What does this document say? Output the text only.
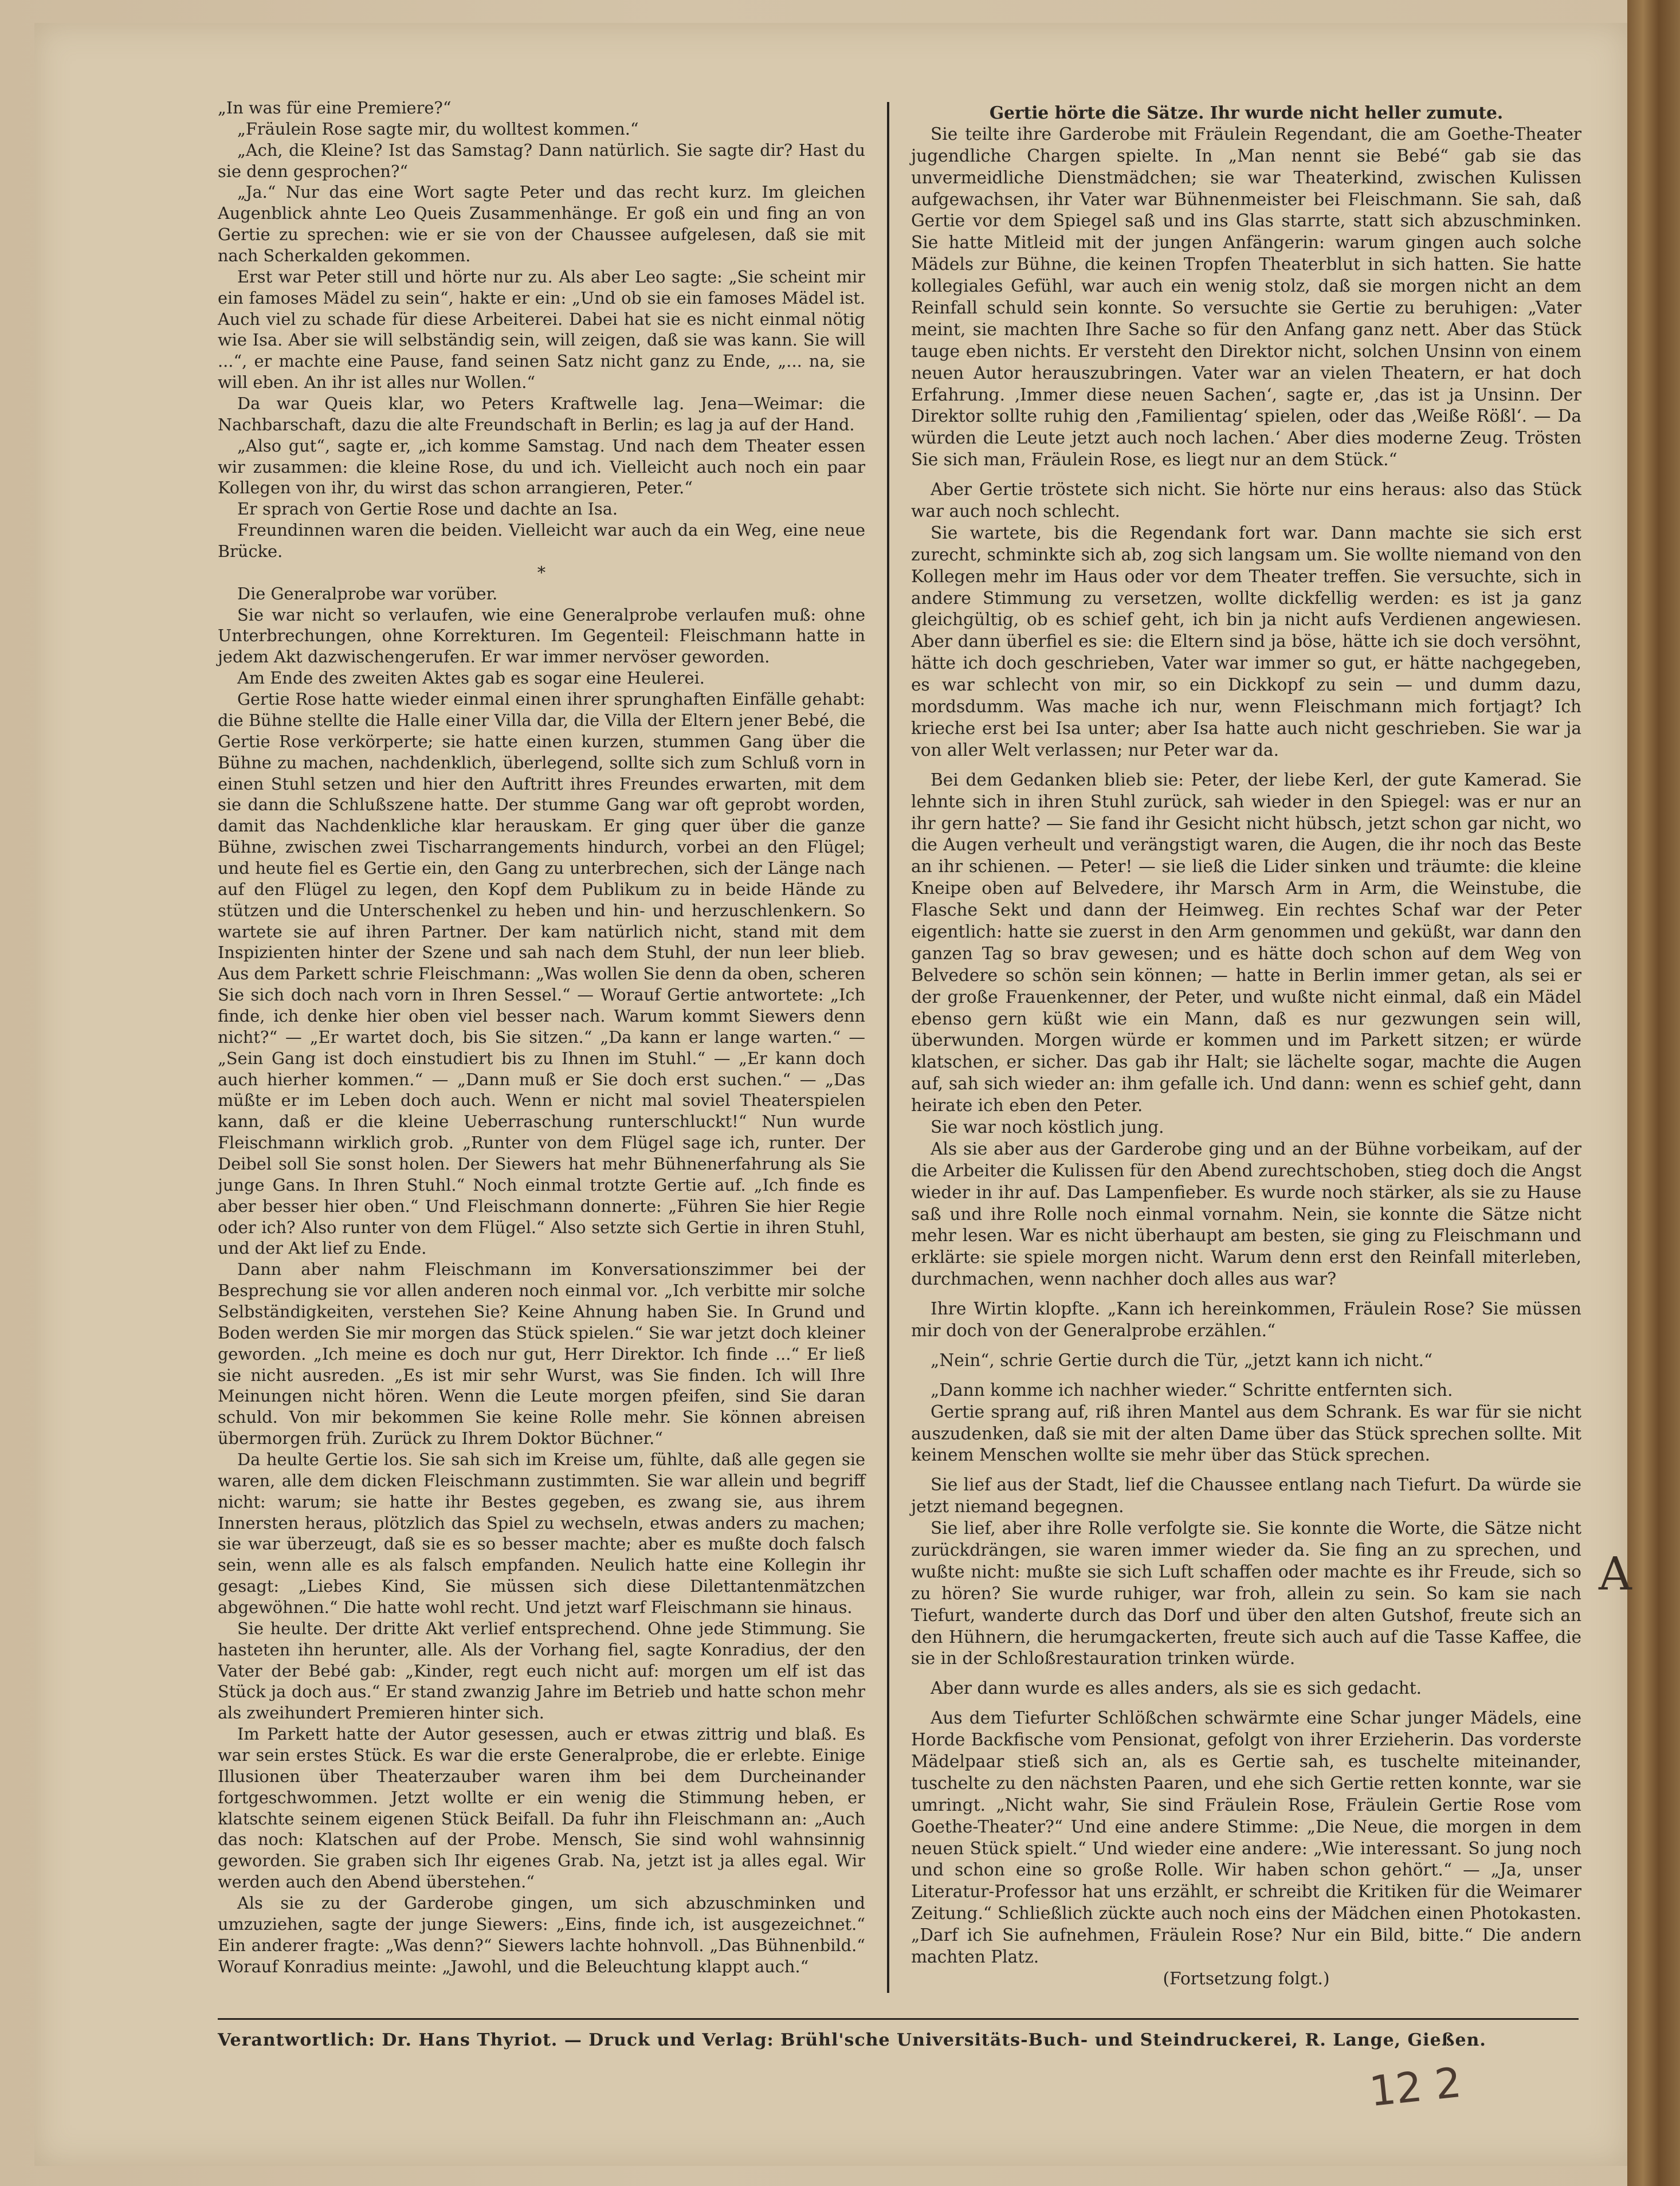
„In was für eine Premiere?“

„Fräulein Rose sagte mir, du wolltest kommen.“

„Ach, die Kleine? Ist das Samstag? Dann natürlich. Sie sagte dir? Hast du sie denn gesprochen?“

„Ja.“ Nur das eine Wort sagte Peter und das recht kurz. Im gleichen Augenblick ahnte Leo Queis Zusammenhänge. Er goß ein und fing an von Gertie zu sprechen: wie er sie von der Chaussee aufgelesen, daß sie mit nach Scherkalden gekommen.

Erst war Peter still und hörte nur zu. Als aber Leo sagte: „Sie scheint mir ein famoses Mädel zu sein“, hakte er ein: „Und ob sie ein famoses Mädel ist. Auch viel zu schade für diese Arbeiterei. Dabei hat sie es nicht einmal nötig wie Isa. Aber sie will selbständig sein, will zeigen, daß sie was kann. Sie will ...“, er machte eine Pause, fand seinen Satz nicht ganz zu Ende, „... na, sie will eben. An ihr ist alles nur Wollen.“

Da war Queis klar, wo Peters Kraftwelle lag. Jena—Weimar: die Nachbarschaft, dazu die alte Freundschaft in Berlin; es lag ja auf der Hand.

„Also gut“, sagte er, „ich komme Samstag. Und nach dem Theater essen wir zusammen: die kleine Rose, du und ich. Vielleicht auch noch ein paar Kollegen von ihr, du wirst das schon arrangieren, Peter.“

Er sprach von Gertie Rose und dachte an Isa.

Freundinnen waren die beiden. Vielleicht war auch da ein Weg, eine neue Brücke.

*

Die Generalprobe war vorüber.

Sie war nicht so verlaufen, wie eine Generalprobe verlaufen muß: ohne Unterbrechungen, ohne Korrekturen. Im Gegenteil: Fleischmann hatte in jedem Akt dazwischengerufen. Er war immer nervöser geworden.

Am Ende des zweiten Aktes gab es sogar eine Heulerei.

Gertie Rose hatte wieder einmal einen ihrer sprunghaften Einfälle gehabt: die Bühne stellte die Halle einer Villa dar, die Villa der Eltern jener Bebé, die Gertie Rose verkörperte; sie hatte einen kurzen, stummen Gang über die Bühne zu machen, nachdenklich, überlegend, sollte sich zum Schluß vorn in einen Stuhl setzen und hier den Auftritt ihres Freundes erwarten, mit dem sie dann die Schlußszene hatte. Der stumme Gang war oft geprobt worden, damit das Nachdenkliche klar herauskam. Er ging quer über die ganze Bühne, zwischen zwei Tischarrangements hindurch, vorbei an den Flügel; und heute fiel es Gertie ein, den Gang zu unterbrechen, sich der Länge nach auf den Flügel zu legen, den Kopf dem Publikum zu in beide Hände zu stützen und die Unterschenkel zu heben und hin- und herzuschlenkern. So wartete sie auf ihren Partner. Der kam natürlich nicht, stand mit dem Inspizienten hinter der Szene und sah nach dem Stuhl, der nun leer blieb. Aus dem Parkett schrie Fleischmann: „Was wollen Sie denn da oben, scheren Sie sich doch nach vorn in Ihren Sessel.“ — Worauf Gertie antwortete: „Ich finde, ich denke hier oben viel besser nach. Warum kommt Siewers denn nicht?“ — „Er wartet doch, bis Sie sitzen.“ „Da kann er lange warten.“ — „Sein Gang ist doch einstudiert bis zu Ihnen im Stuhl.“ — „Er kann doch auch hierher kommen.“ — „Dann muß er Sie doch erst suchen.“ — „Das müßte er im Leben doch auch. Wenn er nicht mal soviel Theaterspielen kann, daß er die kleine Ueberraschung runterschluckt!“ Nun wurde Fleischmann wirklich grob. „Runter von dem Flügel sage ich, runter. Der Deibel soll Sie sonst holen. Der Siewers hat mehr Bühnenerfahrung als Sie junge Gans. In Ihren Stuhl.“ Noch einmal trotzte Gertie auf. „Ich finde es aber besser hier oben.“ Und Fleischmann donnerte: „Führen Sie hier Regie oder ich? Also runter von dem Flügel.“ Also setzte sich Gertie in ihren Stuhl, und der Akt lief zu Ende.

Dann aber nahm Fleischmann im Konversationszimmer bei der Besprechung sie vor allen anderen noch einmal vor. „Ich verbitte mir solche Selbständigkeiten, verstehen Sie? Keine Ahnung haben Sie. In Grund und Boden werden Sie mir morgen das Stück spielen.“ Sie war jetzt doch kleiner geworden. „Ich meine es doch nur gut, Herr Direktor. Ich finde ...“ Er ließ sie nicht ausreden. „Es ist mir sehr Wurst, was Sie finden. Ich will Ihre Meinungen nicht hören. Wenn die Leute morgen pfeifen, sind Sie daran schuld. Von mir bekommen Sie keine Rolle mehr. Sie können abreisen übermorgen früh. Zurück zu Ihrem Doktor Büchner.“

Da heulte Gertie los. Sie sah sich im Kreise um, fühlte, daß alle gegen sie waren, alle dem dicken Fleischmann zustimmten. Sie war allein und begriff nicht: warum; sie hatte ihr Bestes gegeben, es zwang sie, aus ihrem Innersten heraus, plötzlich das Spiel zu wechseln, etwas anders zu machen; sie war überzeugt, daß sie es so besser machte; aber es mußte doch falsch sein, wenn alle es als falsch empfanden. Neulich hatte eine Kollegin ihr gesagt: „Liebes Kind, Sie müssen sich diese Dilettantenmätzchen abgewöhnen.“ Die hatte wohl recht. Und jetzt warf Fleischmann sie hinaus.

Sie heulte. Der dritte Akt verlief entsprechend. Ohne jede Stimmung. Sie hasteten ihn herunter, alle. Als der Vorhang fiel, sagte Konradius, der den Vater der Bebé gab: „Kinder, regt euch nicht auf: morgen um elf ist das Stück ja doch aus.“ Er stand zwanzig Jahre im Betrieb und hatte schon mehr als zweihundert Premieren hinter sich.

Im Parkett hatte der Autor gesessen, auch er etwas zittrig und blaß. Es war sein erstes Stück. Es war die erste Generalprobe, die er erlebte. Einige Illusionen über Theaterzauber waren ihm bei dem Durcheinander fortgeschwommen. Jetzt wollte er ein wenig die Stimmung heben, er klatschte seinem eigenen Stück Beifall. Da fuhr ihn Fleischmann an: „Auch das noch: Klatschen auf der Probe. Mensch, Sie sind wohl wahnsinnig geworden. Sie graben sich Ihr eigenes Grab. Na, jetzt ist ja alles egal. Wir werden auch den Abend überstehen.“

Als sie zu der Garderobe gingen, um sich abzuschminken und umzuziehen, sagte der junge Siewers: „Eins, finde ich, ist ausgezeichnet.“ Ein anderer fragte: „Was denn?“ Siewers lachte hohnvoll. „Das Bühnenbild.“ Worauf Konradius meinte: „Jawohl, und die Beleuchtung klappt auch.“

Gertie hörte die Sätze. Ihr wurde nicht heller zumute.

Sie teilte ihre Garderobe mit Fräulein Regendant, die am Goethe-Theater jugendliche Chargen spielte. In „Man nennt sie Bebé“ gab sie das unvermeidliche Dienstmädchen; sie war Theaterkind, zwischen Kulissen aufgewachsen, ihr Vater war Bühnenmeister bei Fleischmann. Sie sah, daß Gertie vor dem Spiegel saß und ins Glas starrte, statt sich abzuschminken. Sie hatte Mitleid mit der jungen Anfängerin: warum gingen auch solche Mädels zur Bühne, die keinen Tropfen Theaterblut in sich hatten. Sie hatte kollegiales Gefühl, war auch ein wenig stolz, daß sie morgen nicht an dem Reinfall schuld sein konnte. So versuchte sie Gertie zu beruhigen: „Vater meint, sie machten Ihre Sache so für den Anfang ganz nett. Aber das Stück tauge eben nichts. Er versteht den Direktor nicht, solchen Unsinn von einem neuen Autor herauszubringen. Vater war an vielen Theatern, er hat doch Erfahrung. ‚Immer diese neuen Sachen‘, sagte er, ‚das ist ja Unsinn. Der Direktor sollte ruhig den ‚Familientag‘ spielen, oder das ‚Weiße Rößl‘. — Da würden die Leute jetzt auch noch lachen.‘ Aber dies moderne Zeug. Trösten Sie sich man, Fräulein Rose, es liegt nur an dem Stück.“

Aber Gertie tröstete sich nicht. Sie hörte nur eins heraus: also das Stück war auch noch schlecht.

Sie wartete, bis die Regendank fort war. Dann machte sie sich erst zurecht, schminkte sich ab, zog sich langsam um. Sie wollte niemand von den Kollegen mehr im Haus oder vor dem Theater treffen. Sie versuchte, sich in andere Stimmung zu versetzen, wollte dickfellig werden: es ist ja ganz gleichgültig, ob es schief geht, ich bin ja nicht aufs Verdienen angewiesen. Aber dann überfiel es sie: die Eltern sind ja böse, hätte ich sie doch versöhnt, hätte ich doch geschrieben, Vater war immer so gut, er hätte nachgegeben, es war schlecht von mir, so ein Dickkopf zu sein — und dumm dazu, mordsdumm. Was mache ich nur, wenn Fleischmann mich fortjagt? Ich krieche erst bei Isa unter; aber Isa hatte auch nicht geschrieben. Sie war ja von aller Welt verlassen; nur Peter war da.

Bei dem Gedanken blieb sie: Peter, der liebe Kerl, der gute Kamerad. Sie lehnte sich in ihren Stuhl zurück, sah wieder in den Spiegel: was er nur an ihr gern hatte? — Sie fand ihr Gesicht nicht hübsch, jetzt schon gar nicht, wo die Augen verheult und verängstigt waren, die Augen, die ihr noch das Beste an ihr schienen. — Peter! — sie ließ die Lider sinken und träumte: die kleine Kneipe oben auf Belvedere, ihr Marsch Arm in Arm, die Weinstube, die Flasche Sekt und dann der Heimweg. Ein rechtes Schaf war der Peter eigentlich: hatte sie zuerst in den Arm genommen und geküßt, war dann den ganzen Tag so brav gewesen; und es hätte doch schon auf dem Weg von Belvedere so schön sein können; — hatte in Berlin immer getan, als sei er der große Frauenkenner, der Peter, und wußte nicht einmal, daß ein Mädel ebenso gern küßt wie ein Mann, daß es nur gezwungen sein will, überwunden. Morgen würde er kommen und im Parkett sitzen; er würde klatschen, er sicher. Das gab ihr Halt; sie lächelte sogar, machte die Augen auf, sah sich wieder an: ihm gefalle ich. Und dann: wenn es schief geht, dann heirate ich eben den Peter.

Sie war noch köstlich jung.

Als sie aber aus der Garderobe ging und an der Bühne vorbeikam, auf der die Arbeiter die Kulissen für den Abend zurechtschoben, stieg doch die Angst wieder in ihr auf. Das Lampenfieber. Es wurde noch stärker, als sie zu Hause saß und ihre Rolle noch einmal vornahm. Nein, sie konnte die Sätze nicht mehr lesen. War es nicht überhaupt am besten, sie ging zu Fleischmann und erklärte: sie spiele morgen nicht. Warum denn erst den Reinfall miterleben, durchmachen, wenn nachher doch alles aus war?

Ihre Wirtin klopfte. „Kann ich hereinkommen, Fräulein Rose? Sie müssen mir doch von der Generalprobe erzählen.“

„Nein“, schrie Gertie durch die Tür, „jetzt kann ich nicht.“

„Dann komme ich nachher wieder.“ Schritte entfernten sich.

Gertie sprang auf, riß ihren Mantel aus dem Schrank. Es war für sie nicht auszudenken, daß sie mit der alten Dame über das Stück sprechen sollte. Mit keinem Menschen wollte sie mehr über das Stück sprechen.

Sie lief aus der Stadt, lief die Chaussee entlang nach Tiefurt. Da würde sie jetzt niemand begegnen.

Sie lief, aber ihre Rolle verfolgte sie. Sie konnte die Worte, die Sätze nicht zurückdrängen, sie waren immer wieder da. Sie fing an zu sprechen, und wußte nicht: mußte sie sich Luft schaffen oder machte es ihr Freude, sich so zu hören? Sie wurde ruhiger, war froh, allein zu sein. So kam sie nach Tiefurt, wanderte durch das Dorf und über den alten Gutshof, freute sich an den Hühnern, die herumgackerten, freute sich auch auf die Tasse Kaffee, die sie in der Schloßrestauration trinken würde.

Aber dann wurde es alles anders, als sie es sich gedacht.

Aus dem Tiefurter Schlößchen schwärmte eine Schar junger Mädels, eine Horde Backfische vom Pensionat, gefolgt von ihrer Erzieherin. Das vorderste Mädelpaar stieß sich an, als es Gertie sah, es tuschelte miteinander, tuschelte zu den nächsten Paaren, und ehe sich Gertie retten konnte, war sie umringt. „Nicht wahr, Sie sind Fräulein Rose, Fräulein Gertie Rose vom Goethe-Theater?“ Und eine andere Stimme: „Die Neue, die morgen in dem neuen Stück spielt.“ Und wieder eine andere: „Wie interessant. So jung noch und schon eine so große Rolle. Wir haben schon gehört.“ — „Ja, unser Literatur-Professor hat uns erzählt, er schreibt die Kritiken für die Weimarer Zeitung.“ Schließlich zückte auch noch eins der Mädchen einen Photokasten. „Darf ich Sie aufnehmen, Fräulein Rose? Nur ein Bild, bitte.“ Die andern machten Platz.

(Fortsetzung folgt.)

Verantwortlich: Dr. Hans Thyriot. — Druck und Verlag: Brühl'sche Universitäts-Buch- und Steindruckerei, R. Lange, Gießen.
12 2
A
